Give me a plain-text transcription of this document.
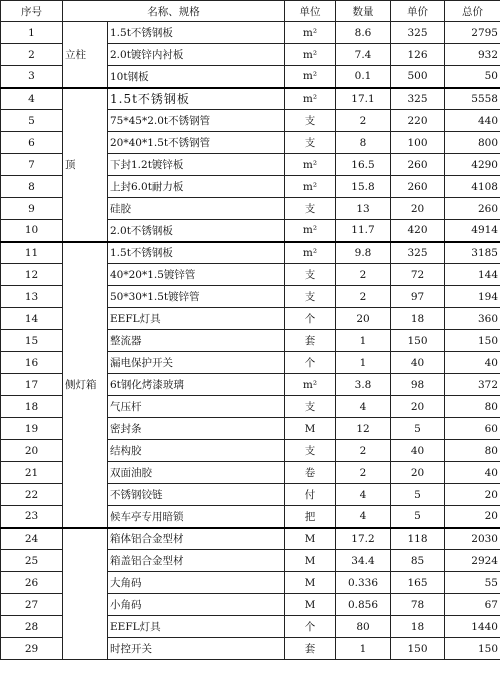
序号	名称、规格		单位	数量	单价	总价
1	立柱	1.5t不锈钢板	m²	8.6	325	2795
2		2.0t镀锌内衬板	m²	7.4	126	932
3		10t钢板	m²	0.1	500	50
4	顶	1.5t不锈钢板	m²	17.1	325	5558
5		75*45*2.0t不锈钢管	支	2	220	440
6		20*40*1.5t不锈钢管	支	8	100	800
7		下封1.2t镀锌板	m²	16.5	260	4290
8		上封6.0t耐力板	m²	15.8	260	4108
9		硅胶	支	13	20	260
10		2.0t不锈钢板	m²	11.7	420	4914
11	侧灯箱	1.5t不锈钢板	m²	9.8	325	3185
12		40*20*1.5镀锌管	支	2	72	144
13		50*30*1.5t镀锌管	支	2	97	194
14		EEFL灯具	个	20	18	360
15		整流器	套	1	150	150
16		漏电保护开关	个	1	40	40
17		6t钢化烤漆玻璃	m²	3.8	98	372
18		气压杆	支	4	20	80
19		密封条	M	12	5	60
20		结构胶	支	2	40	80
21		双面油胶	卷	2	20	40
22		不锈钢铰链	付	4	5	20
23		候车亭专用暗锁	把	4	5	20
24		箱体铝合金型材	M	17.2	118	2030
25		箱盖铝合金型材	M	34.4	85	2924
26		大角码	M	0.336	165	55
27		小角码	M	0.856	78	67
28		EEFL灯具	个	80	18	1440
29		时控开关	套	1	150	150
